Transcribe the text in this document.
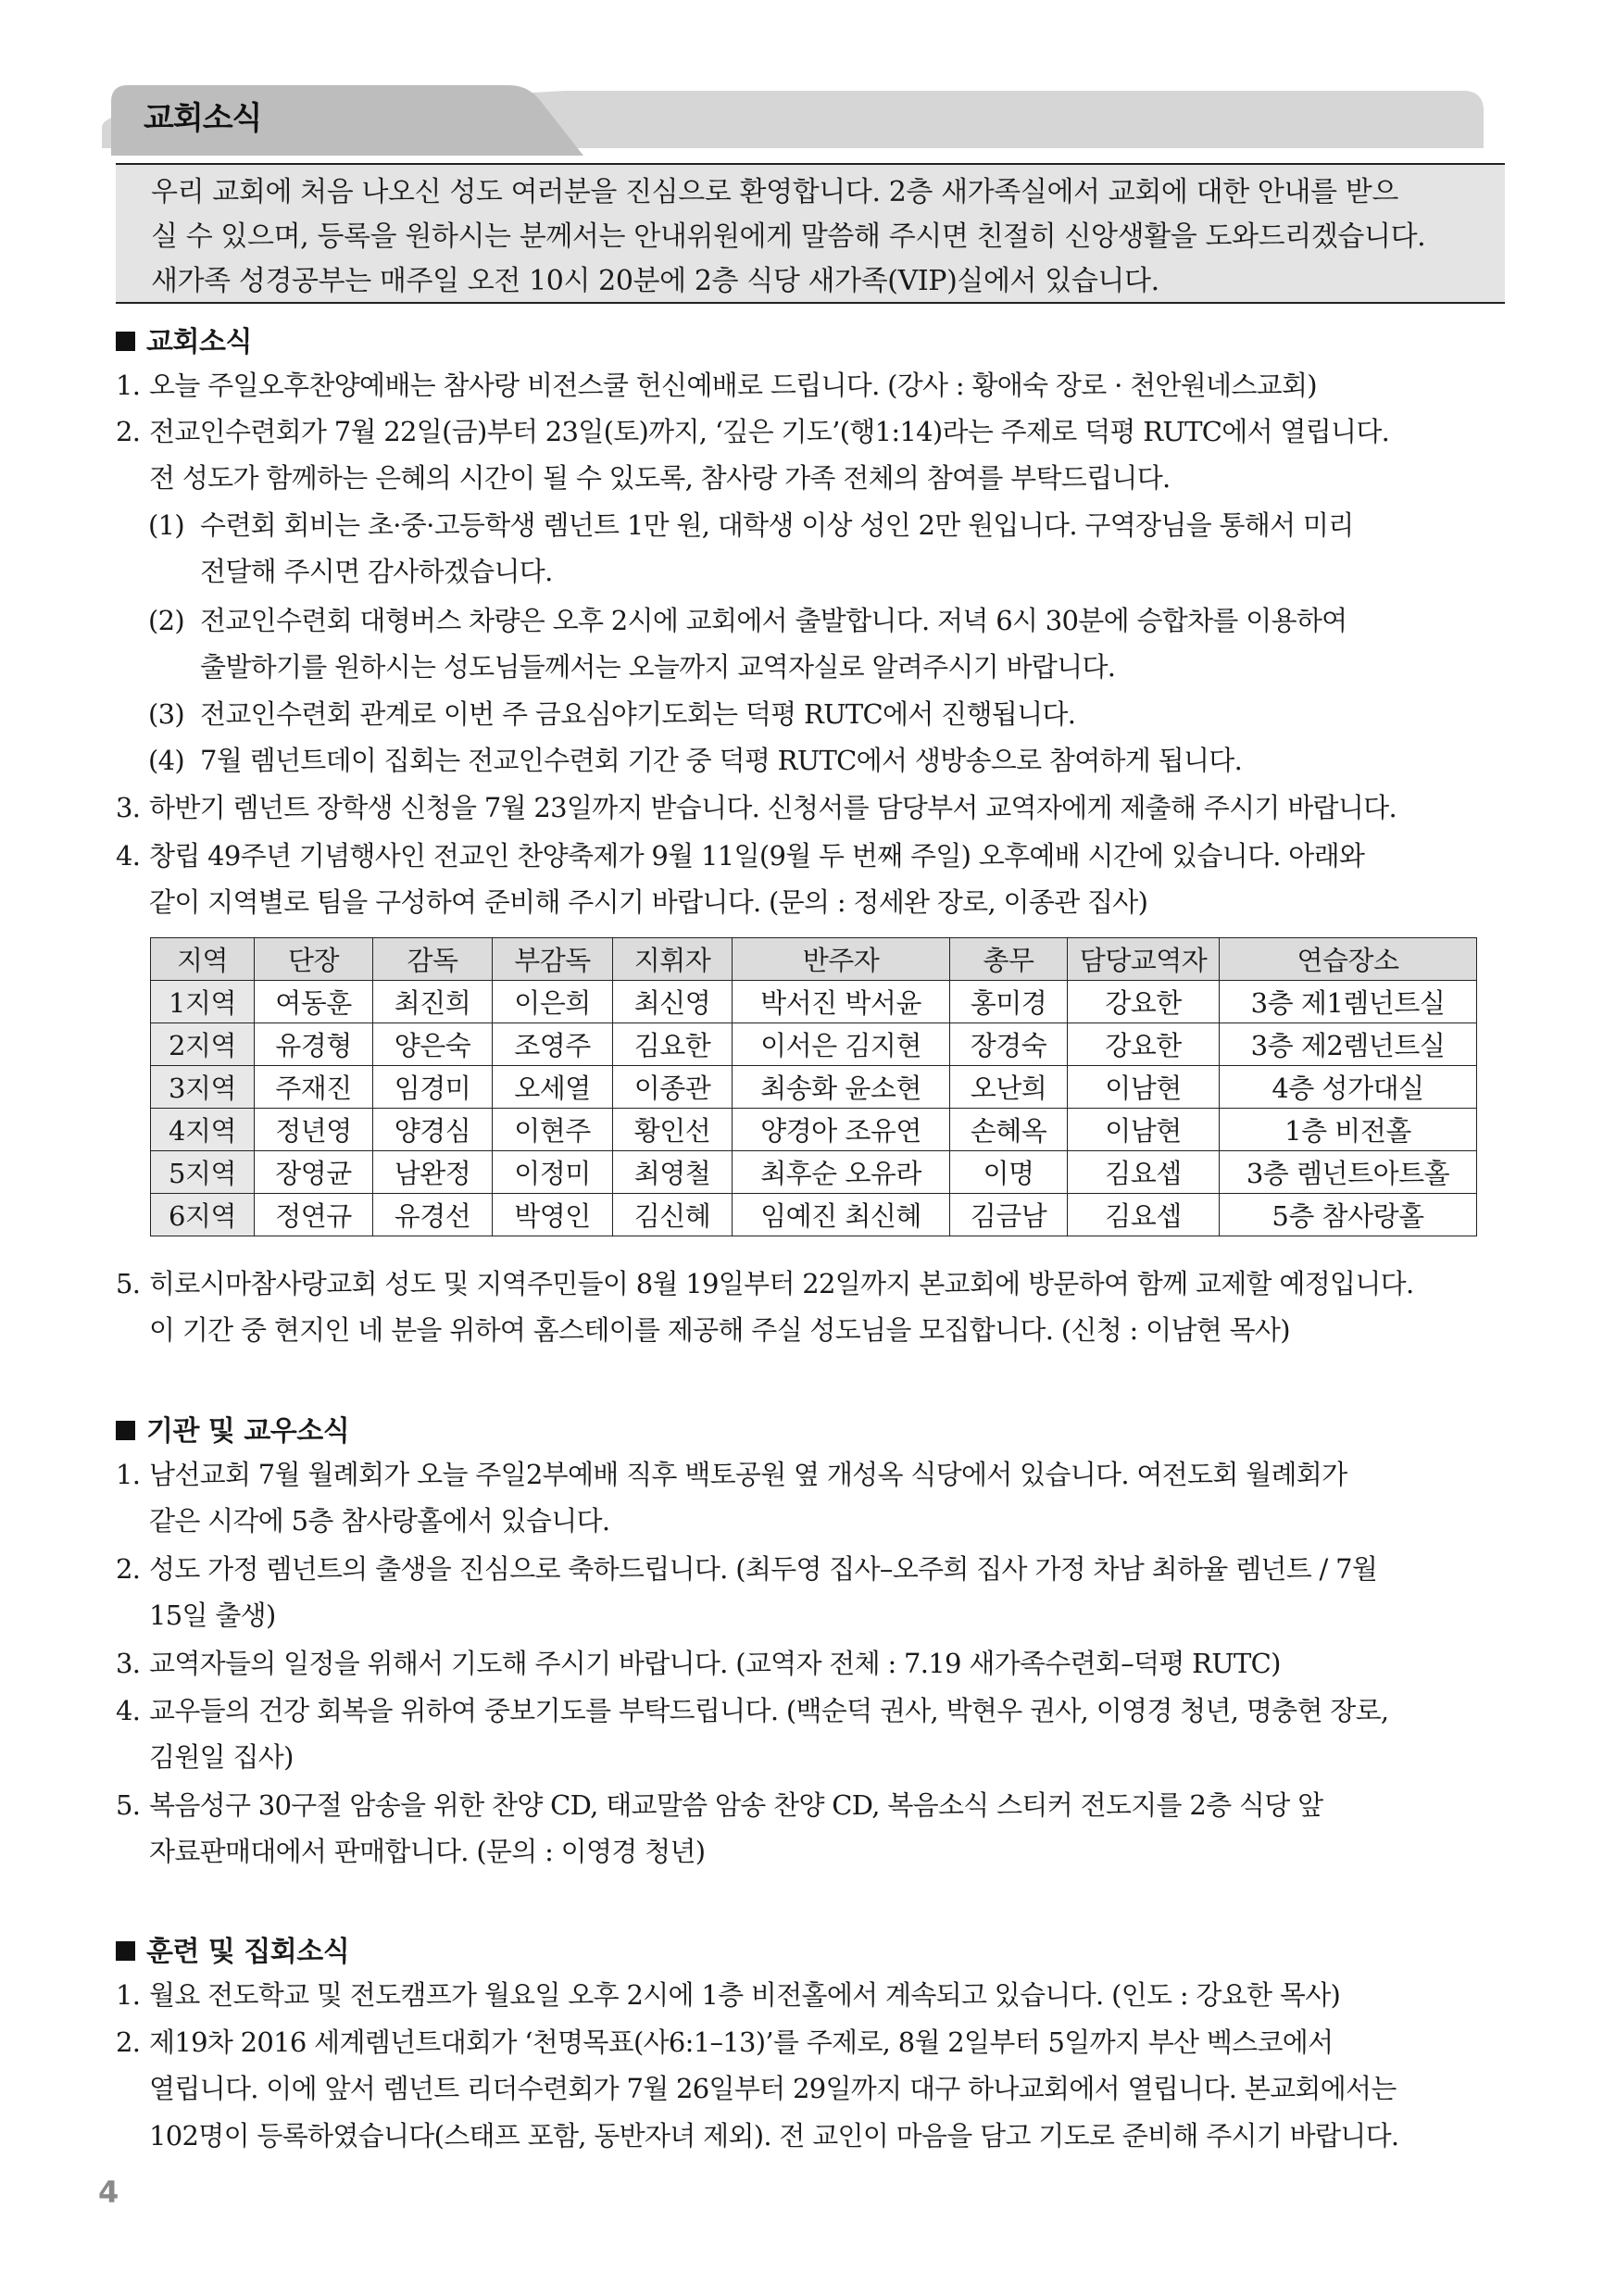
교회소식

우리 교회에 처음 나오신 성도 여러분을 진심으로 환영합니다. 2층 새가족실에서 교회에 대한 안내를 받으

실 수 있으며, 등록을 원하시는 분께서는 안내위원에게 말씀해 주시면 친절히 신앙생활을 도와드리겠습니다.

새가족 성경공부는 매주일 오전 10시 20분에 2층 식당 새가족(VIP)실에서 있습니다.

교회소식
1. 오늘 주일오후찬양예배는 참사랑 비전스쿨 헌신예배로 드립니다. (강사 : 황애숙 장로 · 천안원네스교회)
2. 전교인수련회가 7월 22일(금)부터 23일(토)까지, ‘깊은 기도’(행1:14)라는 주제로 덕평 RUTC에서 열립니다.
전 성도가 함께하는 은혜의 시간이 될 수 있도록, 참사랑 가족 전체의 참여를 부탁드립니다.
(1) 수련회 회비는 초·중·고등학생 렘넌트 1만 원, 대학생 이상 성인 2만 원입니다. 구역장님을 통해서 미리
전달해 주시면 감사하겠습니다.
(2) 전교인수련회 대형버스 차량은 오후 2시에 교회에서 출발합니다. 저녁 6시 30분에 승합차를 이용하여
출발하기를 원하시는 성도님들께서는 오늘까지 교역자실로 알려주시기 바랍니다.
(3) 전교인수련회 관계로 이번 주 금요심야기도회는 덕평 RUTC에서 진행됩니다.
(4) 7월 렘넌트데이 집회는 전교인수련회 기간 중 덕평 RUTC에서 생방송으로 참여하게 됩니다.
3. 하반기 렘넌트 장학생 신청을 7월 23일까지 받습니다. 신청서를 담당부서 교역자에게 제출해 주시기 바랍니다.
4. 창립 49주년 기념행사인 전교인 찬양축제가 9월 11일(9월 두 번째 주일) 오후예배 시간에 있습니다. 아래와
같이 지역별로 팀을 구성하여 준비해 주시기 바랍니다. (문의 : 정세완 장로, 이종관 집사)
지역	단장	감독	부감독	지휘자	반주자	총무	담당교역자	연습장소
1지역	여동훈	최진희	이은희	최신영	박서진 박서윤	홍미경	강요한	3층 제1렘넌트실
2지역	유경형	양은숙	조영주	김요한	이서은 김지현	장경숙	강요한	3층 제2렘넌트실
3지역	주재진	임경미	오세열	이종관	최송화 윤소현	오난희	이남현	4층 성가대실
4지역	정년영	양경심	이현주	황인선	양경아 조유연	손혜옥	이남현	1층 비전홀
5지역	장영균	남완정	이정미	최영철	최후순 오유라	이명	김요셉	3층 렘넌트아트홀
6지역	정연규	유경선	박영인	김신혜	임예진 최신혜	김금남	김요셉	5층 참사랑홀
5. 히로시마참사랑교회 성도 및 지역주민들이 8월 19일부터 22일까지 본교회에 방문하여 함께 교제할 예정입니다.
이 기간 중 현지인 네 분을 위하여 홈스테이를 제공해 주실 성도님을 모집합니다. (신청 : 이남현 목사)
기관 및 교우소식
1. 남선교회 7월 월례회가 오늘 주일2부예배 직후 백토공원 옆 개성옥 식당에서 있습니다. 여전도회 월례회가
같은 시각에 5층 참사랑홀에서 있습니다.
2. 성도 가정 렘넌트의 출생을 진심으로 축하드립니다. (최두영 집사–오주희 집사 가정 차남 최하율 렘넌트 / 7월
15일 출생)
3. 교역자들의 일정을 위해서 기도해 주시기 바랍니다. (교역자 전체 : 7.19 새가족수련회–덕평 RUTC)
4. 교우들의 건강 회복을 위하여 중보기도를 부탁드립니다. (백순덕 권사, 박현우 권사, 이영경 청년, 명충현 장로,
김원일 집사)
5. 복음성구 30구절 암송을 위한 찬양 CD, 태교말씀 암송 찬양 CD, 복음소식 스티커 전도지를 2층 식당 앞
자료판매대에서 판매합니다. (문의 : 이영경 청년)
훈련 및 집회소식
1. 월요 전도학교 및 전도캠프가 월요일 오후 2시에 1층 비전홀에서 계속되고 있습니다. (인도 : 강요한 목사)
2. 제19차 2016 세계렘넌트대회가 ‘천명목표(사6:1–13)’를 주제로, 8월 2일부터 5일까지 부산 벡스코에서
열립니다. 이에 앞서 렘넌트 리더수련회가 7월 26일부터 29일까지 대구 하나교회에서 열립니다. 본교회에서는
102명이 등록하였습니다(스태프 포함, 동반자녀 제외). 전 교인이 마음을 담고 기도로 준비해 주시기 바랍니다.
4
